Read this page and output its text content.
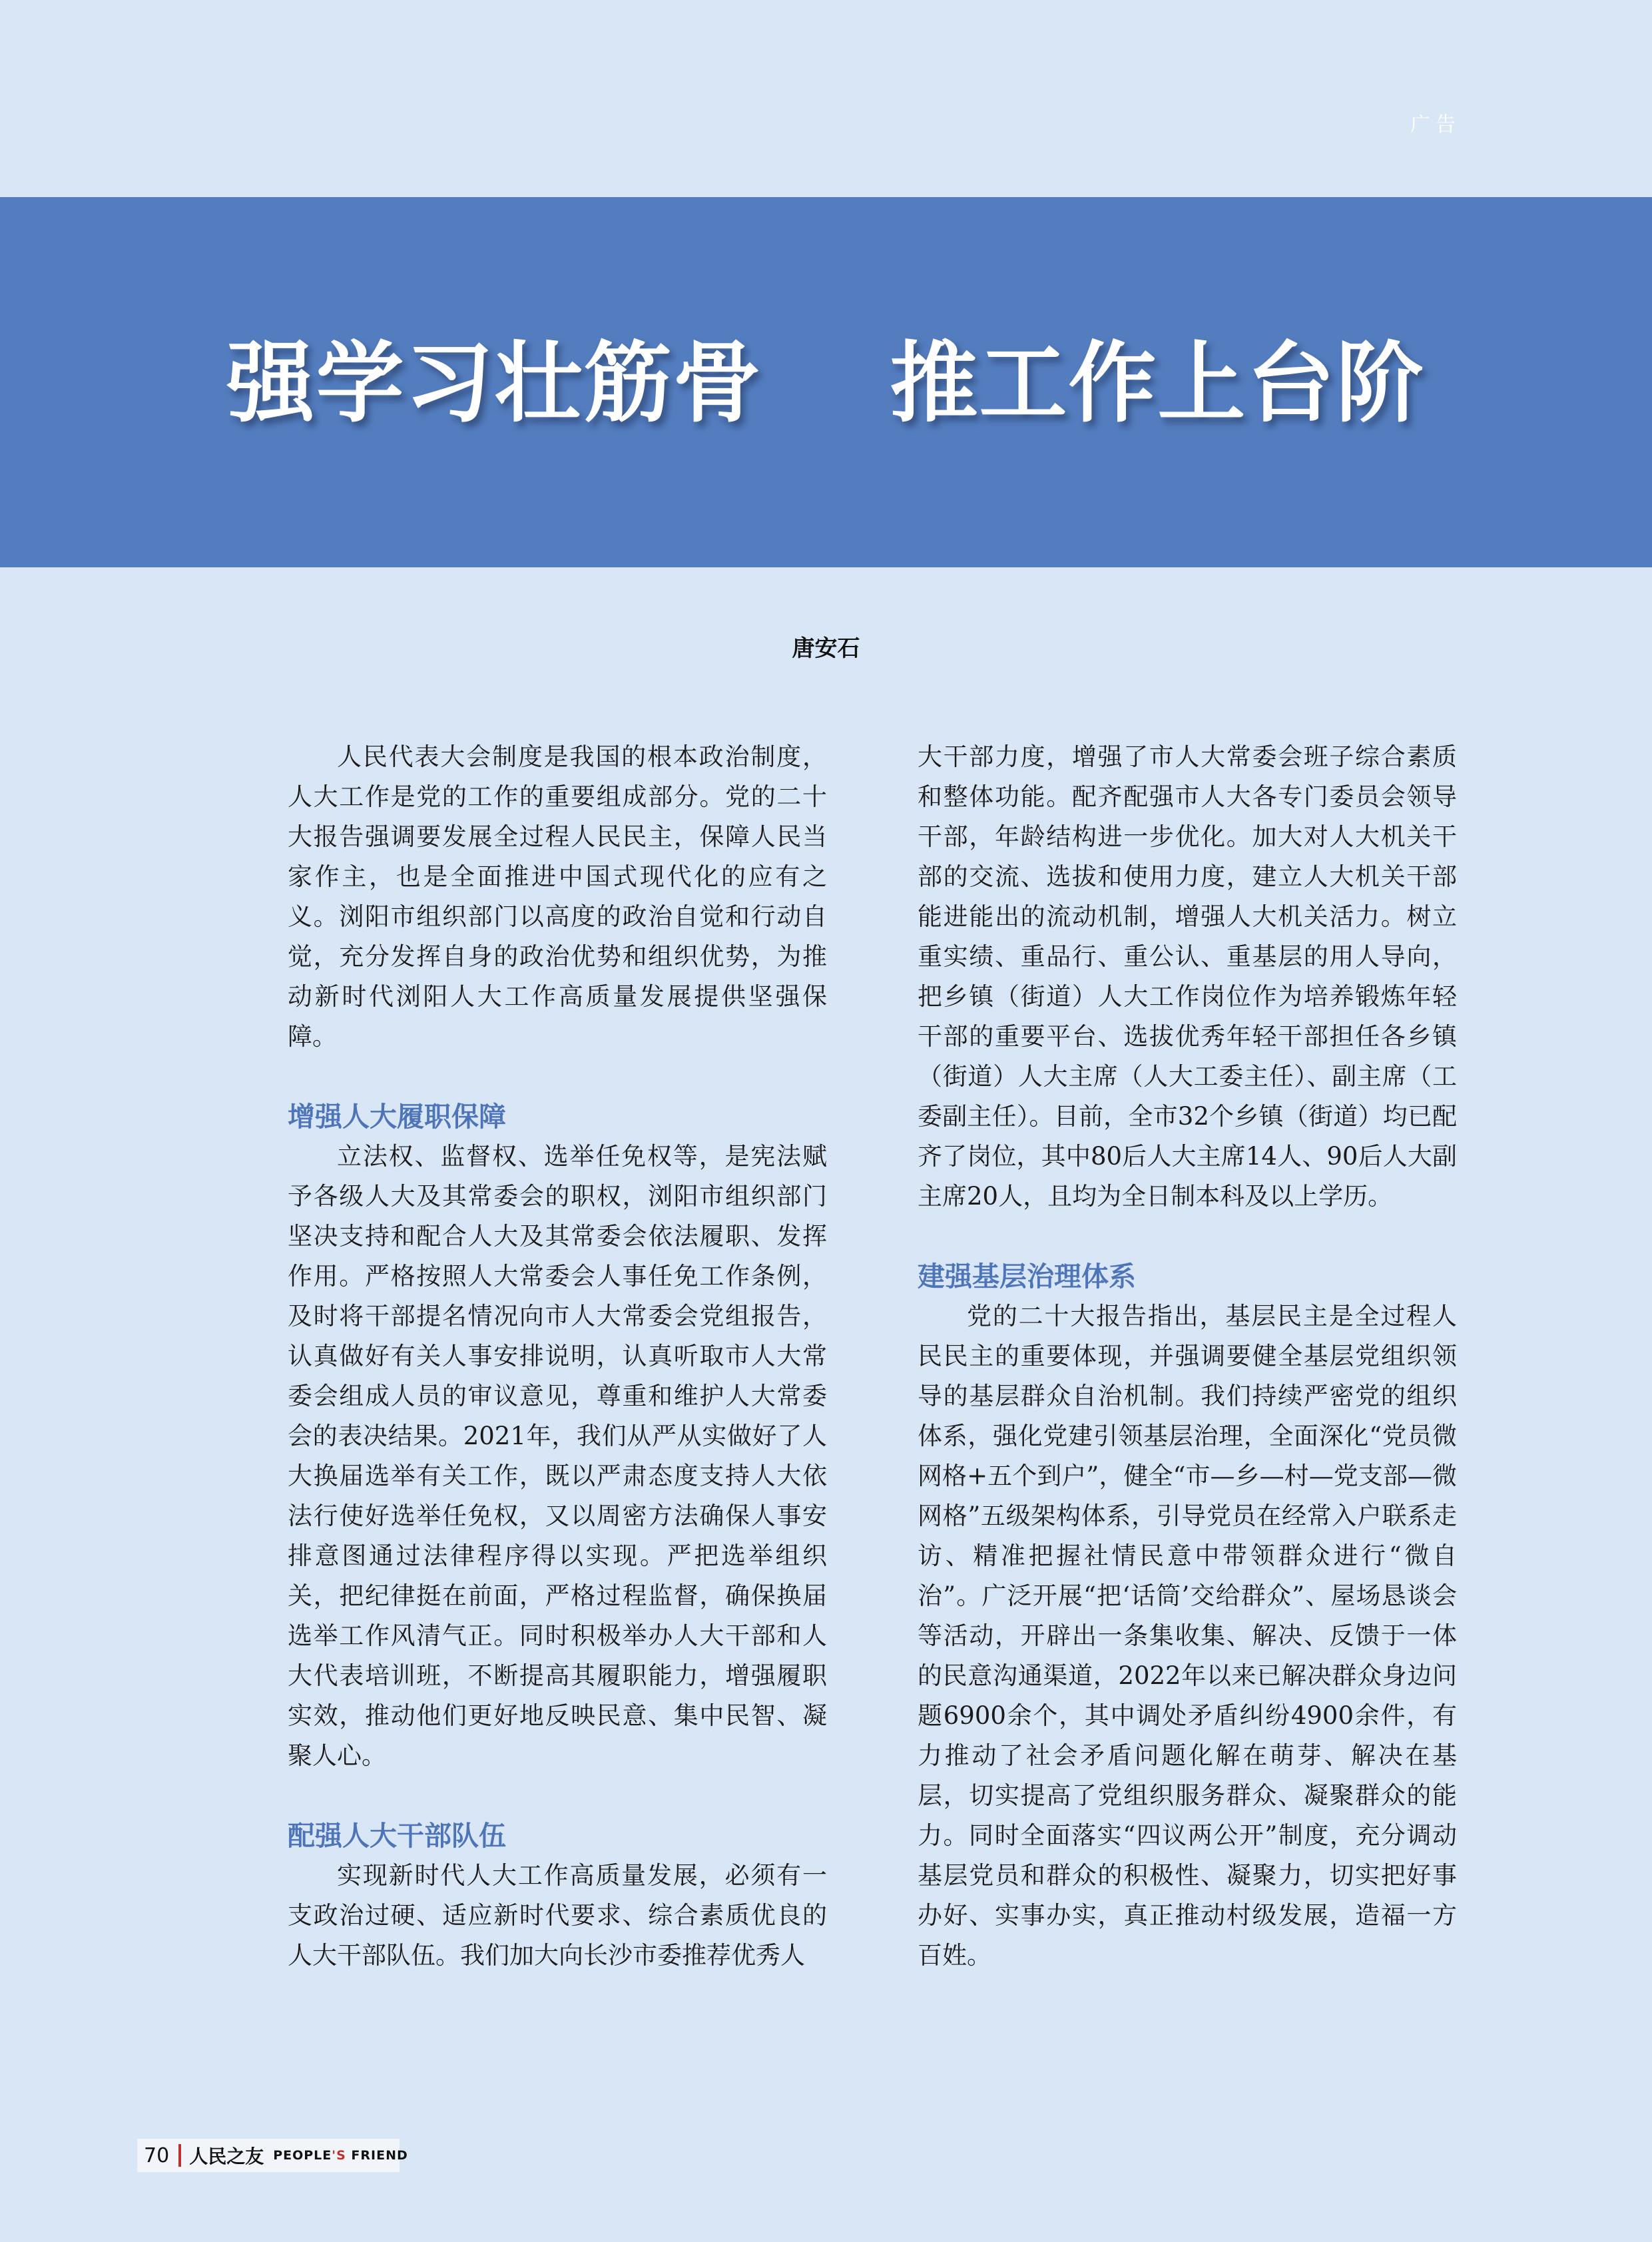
广告
强学习壮筋骨    推工作上台阶
唐安石

人民代表大会制度是我国的根本政治制度，人大工作是党的工作的重要组成部分。党的二十大报告强调要发展全过程人民民主，保障人民当家作主，也是全面推进中国式现代化的应有之义。浏阳市组织部门以高度的政治自觉和行动自觉，充分发挥自身的政治优势和组织优势，为推动新时代浏阳人大工作高质量发展提供坚强保障。

增强人大履职保障

立法权、监督权、选举任免权等，是宪法赋予各级人大及其常委会的职权，浏阳市组织部门坚决支持和配合人大及其常委会依法履职、发挥作用。严格按照人大常委会人事任免工作条例，及时将干部提名情况向市人大常委会党组报告，认真做好有关人事安排说明，认真听取市人大常委会组成人员的审议意见，尊重和维护人大常委会的表决结果。2021年，我们从严从实做好了人大换届选举有关工作，既以严肃态度支持人大依法行使好选举任免权，又以周密方法确保人事安排意图通过法律程序得以实现。严把选举组织关，把纪律挺在前面，严格过程监督，确保换届选举工作风清气正。同时积极举办人大干部和人大代表培训班，不断提高其履职能力，增强履职实效，推动他们更好地反映民意、集中民智、凝聚人心。

配强人大干部队伍

实现新时代人大工作高质量发展，必须有一支政治过硬、适应新时代要求、综合素质优良的人大干部队伍。我们加大向长沙市委推荐优秀人

大干部力度，增强了市人大常委会班子综合素质和整体功能。配齐配强市人大各专门委员会领导干部，年龄结构进一步优化。加大对人大机关干部的交流、选拔和使用力度，建立人大机关干部能进能出的流动机制，增强人大机关活力。树立重实绩、重品行、重公认、重基层的用人导向，把乡镇（街道）人大工作岗位作为培养锻炼年轻干部的重要平台、选拔优秀年轻干部担任各乡镇（街道）人大主席（人大工委主任）、副主席（工委副主任）。目前，全市32个乡镇（街道）均已配齐了岗位，其中80后人大主席14人、90后人大副主席20人，且均为全日制本科及以上学历。

建强基层治理体系

党的二十大报告指出，基层民主是全过程人民民主的重要体现，并强调要健全基层党组织领导的基层群众自治机制。我们持续严密党的组织体系，强化党建引领基层治理，全面深化“党员微网格+五个到户”，健全“市—乡—村—党支部—微网格”五级架构体系，引导党员在经常入户联系走访、精准把握社情民意中带领群众进行“微自治”。广泛开展“把‘话筒’交给群众”、屋场恳谈会等活动，开辟出一条集收集、解决、反馈于一体的民意沟通渠道，2022年以来已解决群众身边问题6900余个，其中调处矛盾纠纷4900余件，有力推动了社会矛盾问题化解在萌芽、解决在基层，切实提高了党组织服务群众、凝聚群众的能力。同时全面落实“四议两公开”制度，充分调动基层党员和群众的积极性、凝聚力，切实把好事办好、实事办实，真正推动村级发展，造福一方百姓。

70 人民之友 PEOPLE'S FRIEND
